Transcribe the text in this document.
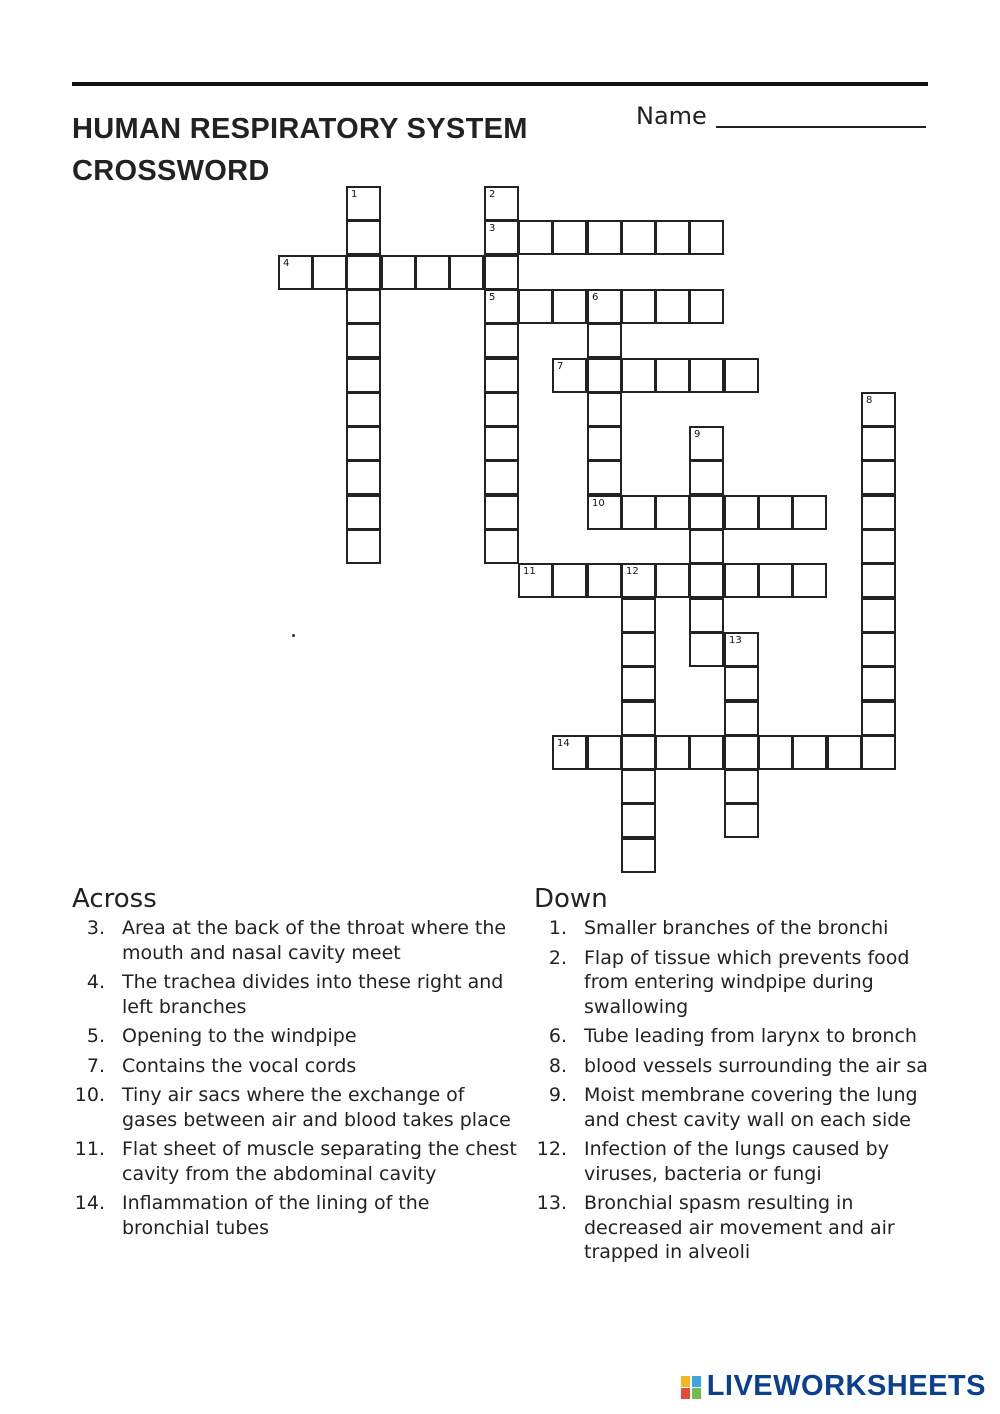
HUMAN RESPIRATORY SYSTEM
CROSSWORD
Name
1	2
3
5
4
6
7
8
9
10
11	12
13
14
Across
3. Area at the back of the throat where the mouth and nasal cavity meet
4. The trachea divides into these right and left branches
5. Opening to the windpipe
7. Contains the vocal cords
10. Tiny air sacs where the exchange of gases between air and blood takes place
11. Flat sheet of muscle separating the chest cavity from the abdominal cavity
14. Inflammation of the lining of the bronchial tubes
Down
1. Smaller branches of the bronchi
2. Flap of tissue which prevents food from entering windpipe during swallowing
6. Tube leading from larynx to bronch
8. blood vessels surrounding the air sa
9. Moist membrane covering the lung and chest cavity wall on each side
12. Infection of the lungs caused by viruses, bacteria or fungi
13. Bronchial spasm resulting in decreased air movement and air trapped in alveoli
LIVEWORKSHEETS
